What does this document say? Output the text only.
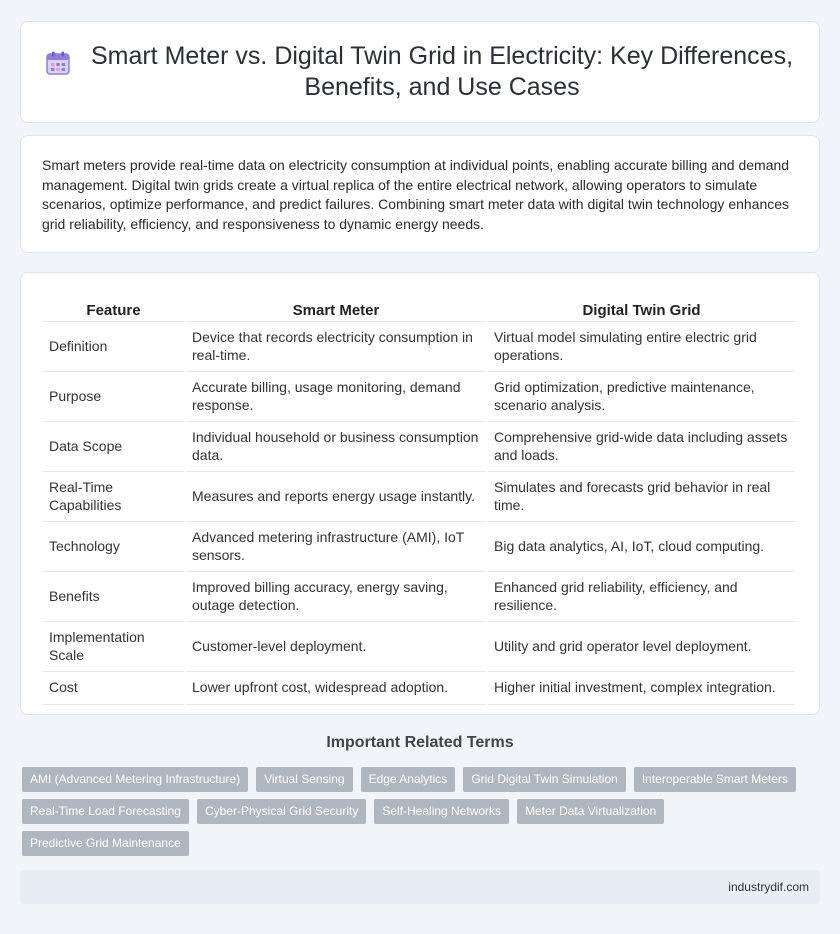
Smart Meter vs. Digital Twin Grid in Electricity: Key Differences, Benefits, and Use Cases

Smart meters provide real-time data on electricity consumption at individual points, enabling accurate billing and demand management. Digital twin grids create a virtual replica of the entire electrical network, allowing operators to simulate scenarios, optimize performance, and predict failures. Combining smart meter data with digital twin technology enhances grid reliability, efficiency, and responsiveness to dynamic energy needs.

Feature	Smart Meter	Digital Twin Grid
Definition	Device that records electricity consumption in real-time.	Virtual model simulating entire electric grid operations.
Purpose	Accurate billing, usage monitoring, demand response.	Grid optimization, predictive maintenance, scenario analysis.
Data Scope	Individual household or business consumption data.	Comprehensive grid-wide data including assets and loads.
Real-Time Capabilities	Measures and reports energy usage instantly.	Simulates and forecasts grid behavior in real time.
Technology	Advanced metering infrastructure (AMI), IoT sensors.	Big data analytics, AI, IoT, cloud computing.
Benefits	Improved billing accuracy, energy saving, outage detection.	Enhanced grid reliability, efficiency, and resilience.
Implementation Scale	Customer-level deployment.	Utility and grid operator level deployment.
Cost	Lower upfront cost, widespread adoption.	Higher initial investment, complex integration.
Important Related Terms
AMI (Advanced Metering Infrastructure)	Virtual Sensing	Edge Analytics	Grid Digital Twin Simulation	Interoperable Smart Meters
Real-Time Load Forecasting	Cyber-Physical Grid Security	Self-Healing Networks	Meter Data Virtualization
Predictive Grid Maintenance
industrydif.com
